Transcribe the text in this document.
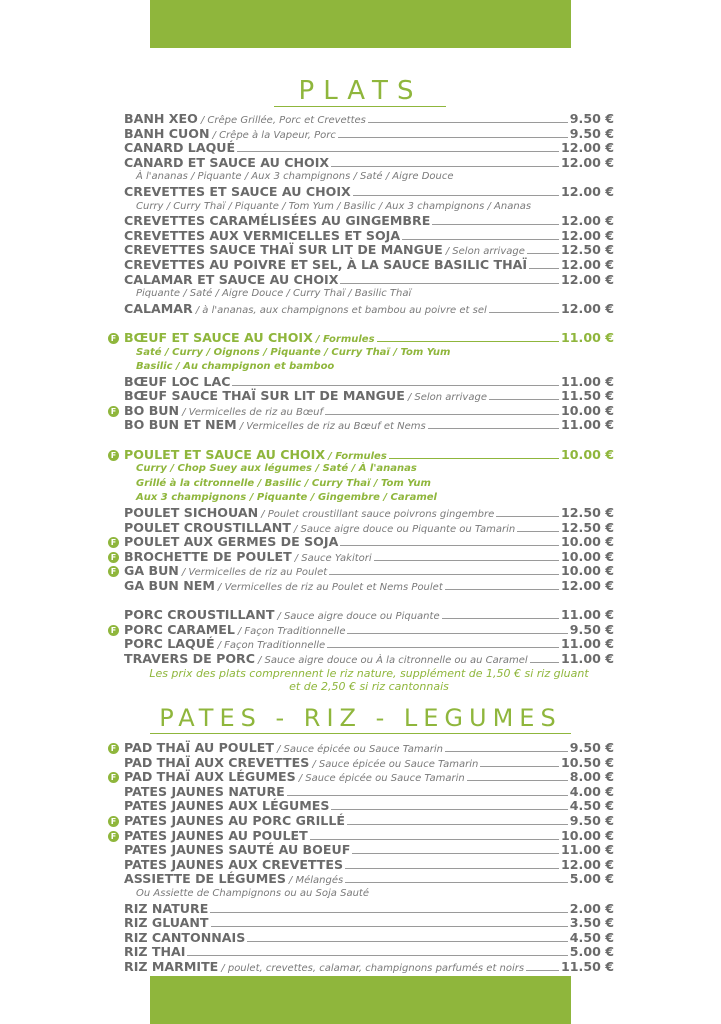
PLATS
BANH XEO / Crêpe Grillée, Porc et Crevettes	9.50 €
BANH CUON / Crêpe à la Vapeur, Porc	9.50 €
CANARD LAQUÉ	12.00 €
CANARD ET SAUCE AU CHOIX	12.00 €
À l'ananas / Piquante / Aux 3 champignons / Saté / Aigre Douce
CREVETTES ET SAUCE AU CHOIX	12.00 €
Curry / Curry Thaï / Piquante / Tom Yum / Basilic / Aux 3 champignons / Ananas
CREVETTES CARAMÉLISÉES AU GINGEMBRE	12.00 €
CREVETTES AUX VERMICELLES ET SOJA	12.00 €
CREVETTES SAUCE THAÏ SUR LIT DE MANGUE / Selon arrivage	12.50 €
CREVETTES AU POIVRE ET SEL, À LA SAUCE BASILIC THAÏ	12.00 €
CALAMAR ET SAUCE AU CHOIX	12.00 €
Piquante / Saté / Aigre Douce / Curry Thaï / Basilic Thaï
CALAMAR / à l'ananas, aux champignons et bambou au poivre et sel	12.00 €
F BŒUF ET SAUCE AU CHOIX / Formules	11.00 €
Saté / Curry / Oignons / Piquante / Curry Thaï / Tom Yum
Basilic / Au champignon et bamboo
BŒUF LOC LAC	11.00 €
BŒUF SAUCE THAÏ SUR LIT DE MANGUE / Selon arrivage	11.50 €
F BO BUN / Vermicelles de riz au Bœuf	10.00 €
BO BUN ET NEM / Vermicelles de riz au Bœuf et Nems	11.00 €
F POULET ET SAUCE AU CHOIX / Formules	10.00 €
Curry / Chop Suey aux légumes / Saté / À l'ananas
Grillé à la citronnelle / Basilic / Curry Thaï / Tom Yum
Aux 3 champignons / Piquante / Gingembre / Caramel
POULET SICHOUAN / Poulet croustillant sauce poivrons gingembre	12.50 €
POULET CROUSTILLANT / Sauce aigre douce ou Piquante ou Tamarin	12.50 €
F POULET AUX GERMES DE SOJA	10.00 €
F BROCHETTE DE POULET / Sauce Yakitori	10.00 €
F GA BUN / Vermicelles de riz au Poulet	10.00 €
GA BUN NEM / Vermicelles de riz au Poulet et Nems Poulet	12.00 €
PORC CROUSTILLANT / Sauce aigre douce ou Piquante	11.00 €
F PORC CARAMEL / Façon Traditionnelle	9.50 €
PORC LAQUÉ / Façon Traditionnelle	11.00 €
TRAVERS DE PORC / Sauce aigre douce ou À la citronnelle ou au Caramel	11.00 €
Les prix des plats comprennent le riz nature, supplément de 1,50 € si riz gluant
et de 2,50 € si riz cantonnais
PATES - RIZ - LEGUMES
F PAD THAÏ AU POULET / Sauce épicée ou Sauce Tamarin	9.50 €
PAD THAÏ AUX CREVETTES / Sauce épicée ou Sauce Tamarin	10.50 €
F PAD THAÏ AUX LÉGUMES / Sauce épicée ou Sauce Tamarin	8.00 €
PATES JAUNES NATURE	4.00 €
PATES JAUNES AUX LÉGUMES	4.50 €
F PATES JAUNES AU PORC GRILLÉ	9.50 €
F PATES JAUNES AU POULET	10.00 €
PATES JAUNES SAUTÉ AU BOEUF	11.00 €
PATES JAUNES AUX CREVETTES	12.00 €
ASSIETTE DE LÉGUMES / Mélangés	5.00 €
Ou Assiette de Champignons ou au Soja Sauté
RIZ NATURE	2.00 €
RIZ GLUANT	3.50 €
RIZ CANTONNAIS	4.50 €
RIZ THAI	5.00 €
RIZ MARMITE / poulet, crevettes, calamar, champignons parfumés et noirs	11.50 €
